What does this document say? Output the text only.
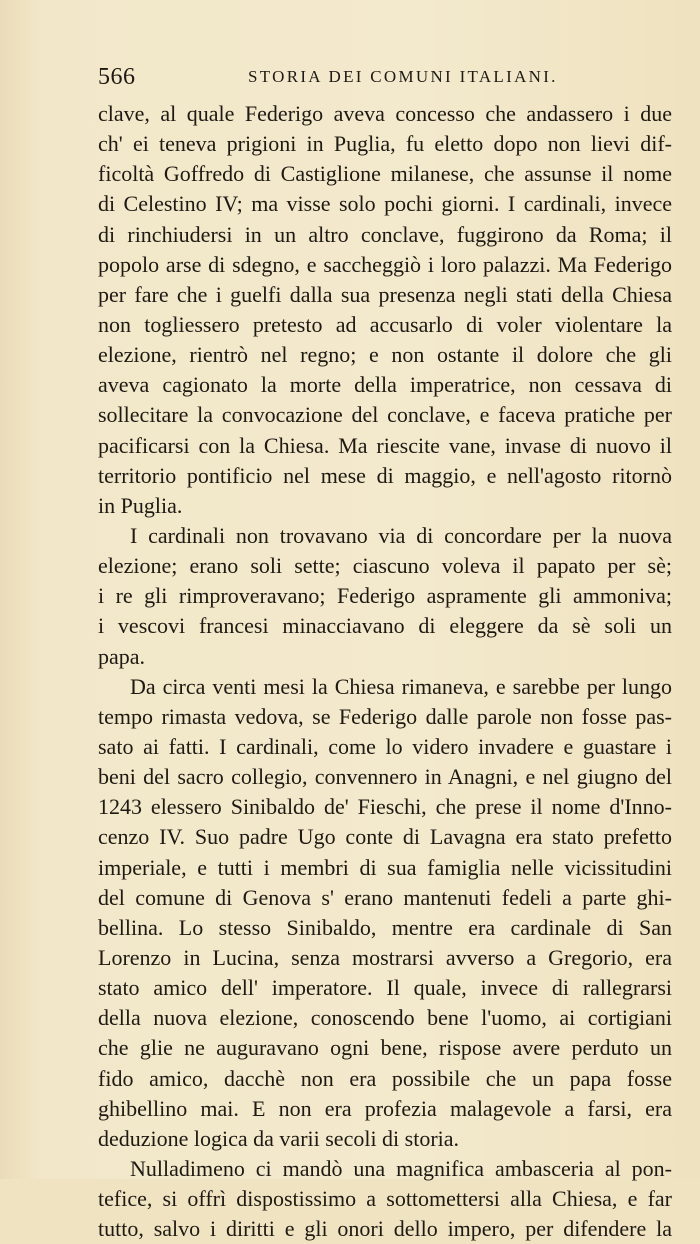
566	STORIA DEI COMUNI ITALIANI.
clave, al quale Federigo aveva concesso che andassero i due
ch' ei teneva prigioni in Puglia, fu eletto dopo non lievi dif-
ficoltà Goffredo di Castiglione milanese, che assunse il nome
di Celestino IV; ma visse solo pochi giorni. I cardinali, invece
di rinchiudersi in un altro conclave, fuggirono da Roma; il
popolo arse di sdegno, e saccheggiò i loro palazzi. Ma Federigo
per fare che i guelfi dalla sua presenza negli stati della Chiesa
non togliessero pretesto ad accusarlo di voler violentare la
elezione, rientrò nel regno; e non ostante il dolore che gli
aveva cagionato la morte della imperatrice, non cessava di
sollecitare la convocazione del conclave, e faceva pratiche per
pacificarsi con la Chiesa. Ma riescite vane, invase di nuovo il
territorio pontificio nel mese di maggio, e nell'agosto ritornò
in Puglia.
I cardinali non trovavano via di concordare per la nuova
elezione; erano soli sette; ciascuno voleva il papato per sè;
i re gli rimproveravano; Federigo aspramente gli ammoniva;
i vescovi francesi minacciavano di eleggere da sè soli un
papa.
Da circa venti mesi la Chiesa rimaneva, e sarebbe per lungo
tempo rimasta vedova, se Federigo dalle parole non fosse pas-
sato ai fatti. I cardinali, come lo videro invadere e guastare i
beni del sacro collegio, convennero in Anagni, e nel giugno del
1243 elessero Sinibaldo de' Fieschi, che prese il nome d'Inno-
cenzo IV. Suo padre Ugo conte di Lavagna era stato prefetto
imperiale, e tutti i membri di sua famiglia nelle vicissitudini
del comune di Genova s' erano mantenuti fedeli a parte ghi-
bellina. Lo stesso Sinibaldo, mentre era cardinale di San
Lorenzo in Lucina, senza mostrarsi avverso a Gregorio, era
stato amico dell' imperatore. Il quale, invece di rallegrarsi
della nuova elezione, conoscendo bene l'uomo, ai cortigiani
che glie ne auguravano ogni bene, rispose avere perduto un
fido amico, dacchè non era possibile che un papa fosse
ghibellino mai. E non era profezia malagevole a farsi, era
deduzione logica da varii secoli di storia.
Nulladimeno ci mandò una magnifica ambasceria al pon-
tefice, si offrì dispostissimo a sottomettersi alla Chiesa, e far
tutto, salvo i diritti e gli onori dello impero, per difendere la
